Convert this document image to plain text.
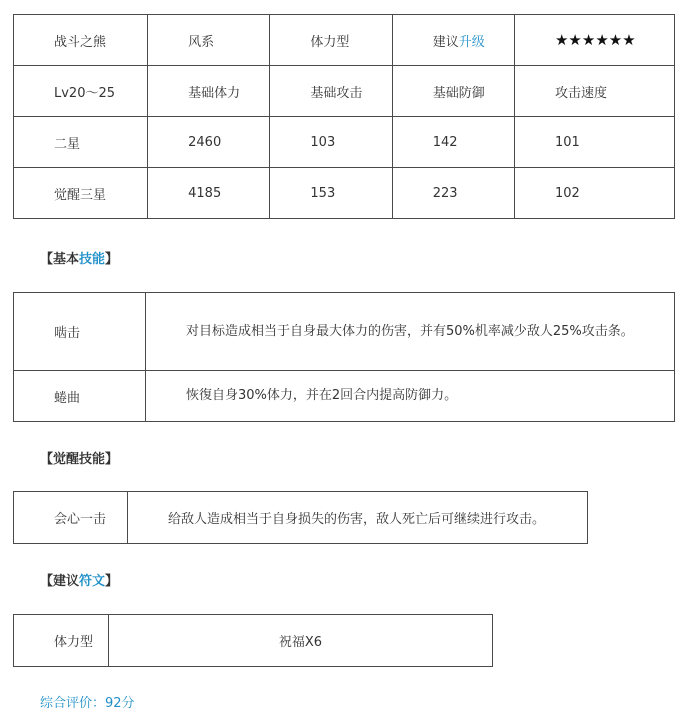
战斗之熊	风系	体力型	建议升级	★★★★★★
Lv20～25	基础体力	基础攻击	基础防御	攻击速度
二星	2460	103	142	101
觉醒三星	4185	153	223	102
【基本技能】
啮击	对目标造成相当于自身最大体力的伤害，并有50%机率减少敌人25%攻击条。
蜷曲	恢復自身30%体力，并在2回合内提高防御力。
【觉醒技能】
会心一击	给敌人造成相当于自身损失的伤害，敌人死亡后可继续进行攻击。
【建议符文】
体力型	祝福X6
综合评价：92分
